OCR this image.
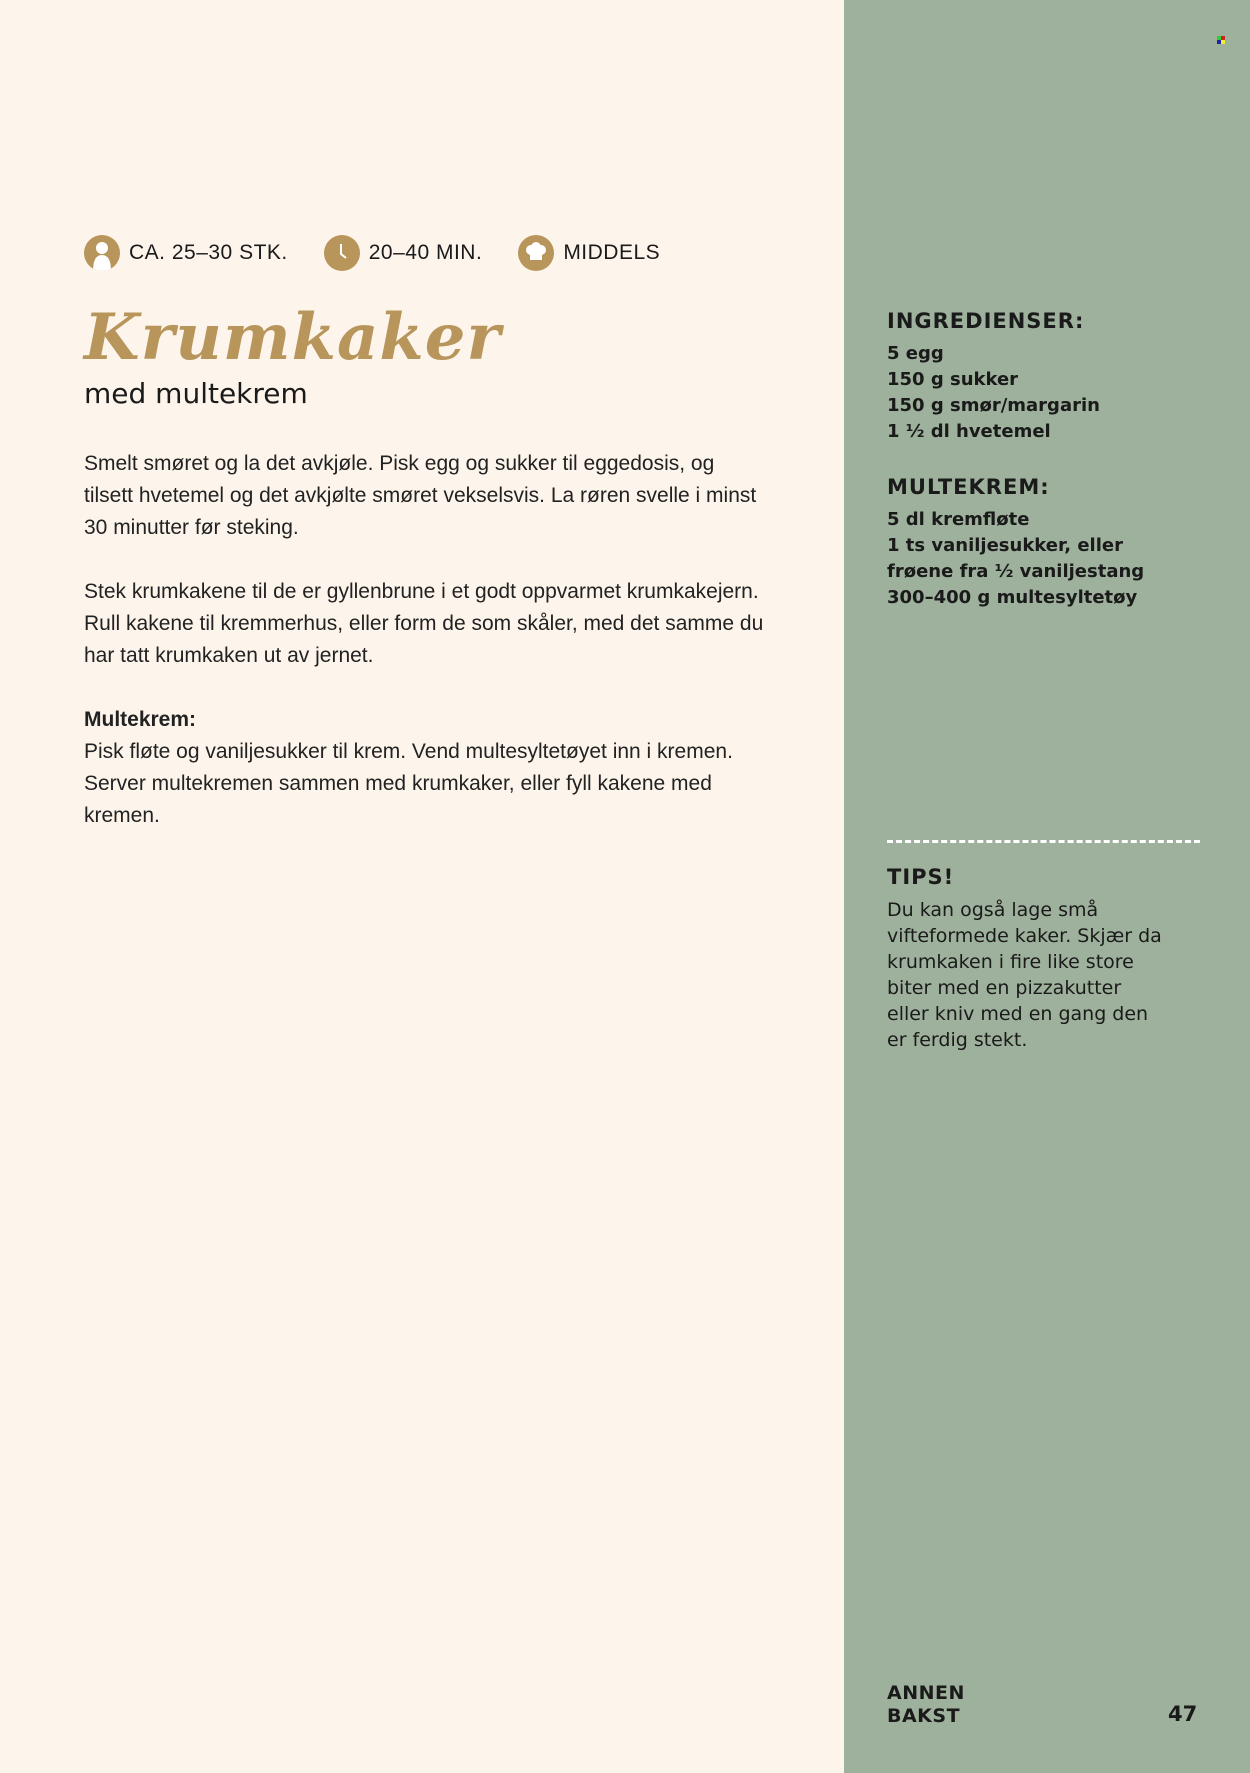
CA. 25–30 STK.	20–40 MIN.	MIDDELS
Krumkaker
med multekrem

Smelt smøret og la det avkjøle. Pisk egg og sukker til eggedosis, og tilsett hvetemel og det avkjølte smøret vekselsvis. La røren svelle i minst 30 minutter før steking.

Stek krumkakene til de er gyllenbrune i et godt oppvarmet krumkakejern. Rull kakene til kremmerhus, eller form de som skåler, med det samme du har tatt krumkaken ut av jernet.

Multekrem:
Pisk fløte og vaniljesukker til krem. Vend multesyltetøyet inn i kremen. Server multekremen sammen med krumkaker, eller fyll kakene med kremen.

INGREDIENSER:
5 egg
150 g sukker
150 g smør/margarin
1 ½ dl hvetemel
MULTEKREM:
5 dl kremfløte
1 ts vaniljesukker, eller
frøene fra ½ vaniljestang
300–400 g multesyltetøy
TIPS!
Du kan også lage små vifteformede kaker. Skjær da krumkaken i fire like store biter med en pizzakutter eller kniv med en gang den er ferdig stekt.
ANNEN
BAKST	47
